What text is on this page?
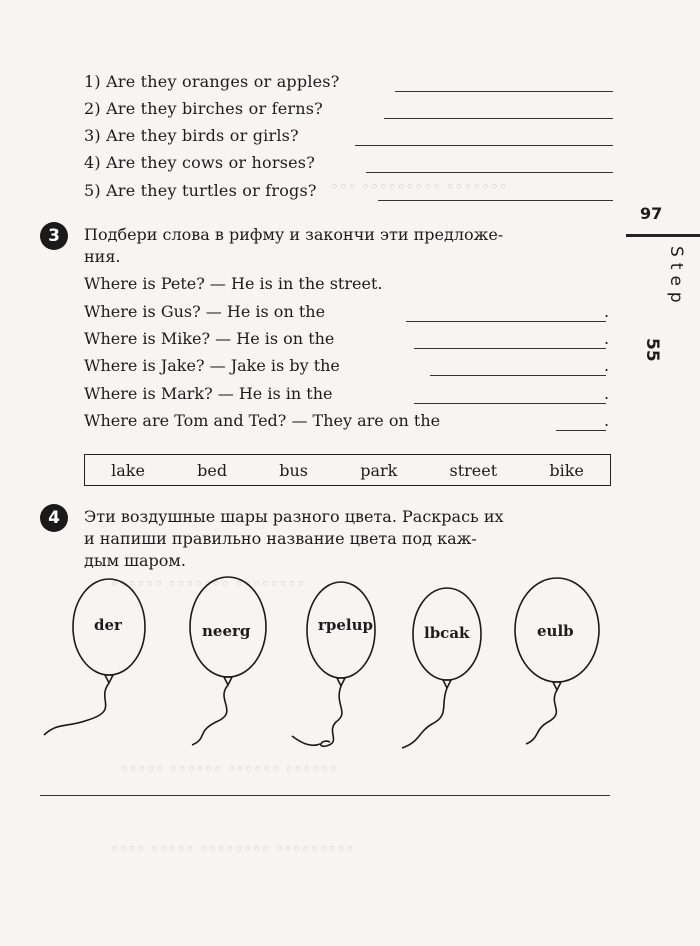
◦◦◦ ◦◦◦◦◦◦◦◦◦ ◦◦◦◦◦◦◦
◦◦◦◦◦◦ ◦◦◦◦◦◦◦ ◦◦◦◦◦◦◦◦
◦◦◦◦◦ ◦◦◦◦◦◦ ◦◦◦◦◦◦ ◦◦◦◦◦◦
◦◦◦◦ ◦◦◦◦◦ ◦◦◦◦◦◦◦◦ ◦◦◦◦◦◦◦◦◦
1) Are they oranges or apples?
2) Are they birches or ferns?
3) Are they birds or girls?
4) Are they cows or horses?
5) Are they turtles or frogs?
3	Подбери слова в рифму и закончи эти предложе-
ния.
Where is Pete? — He is in the street.
Where is Gus? — He is on the	.
Where is Mike? — He is on the	.
Where is Jake? — Jake is by the	.
Where is Mark? — He is in the	.
Where are Tom and Ted? — They are on the	.
lake	bed	bus	park	street	bike
4	Эти воздушные шары разного цвета. Раскрась их
и напиши правильно название цвета под каж-
дым шаром.
der	neerg	rpelup	lbcak	eulb
97
Step
55
